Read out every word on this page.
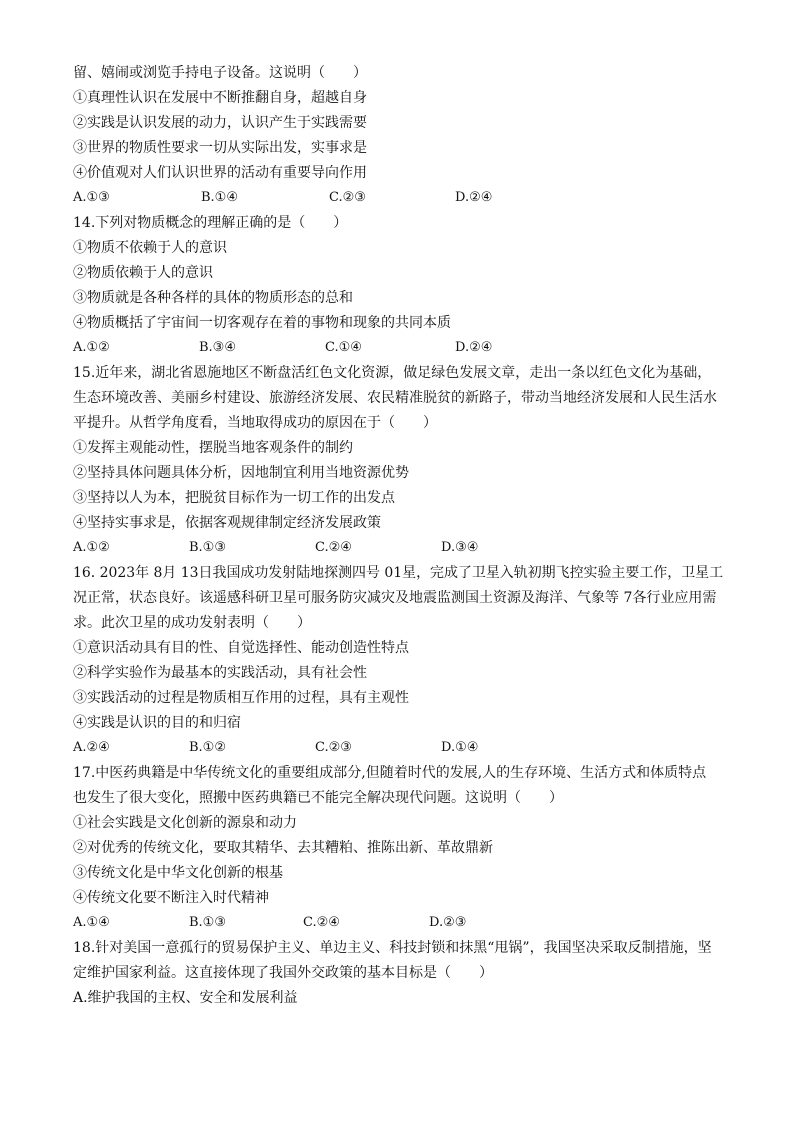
留、嬉闹或浏览手持电子设备。这说明（　　）
①真理性认识在发展中不断推翻自身，超越自身
②实践是认识发展的动力，认识产生于实践需要
③世界的物质性要求一切从实际出发，实事求是
④价值观对人们认识世界的活动有重要导向作用
A.①③	B.①④	C.②③	D.②④
14.下列对物质概念的理解正确的是（　　）
①物质不依赖于人的意识
②物质依赖于人的意识
③物质就是各种各样的具体的物质形态的总和
④物质概括了宇宙间一切客观存在着的事物和现象的共同本质
A.①②	B.③④	C.①④	D.②④
15.近年来，湖北省恩施地区不断盘活红色文化资源，做足绿色发展文章，走出一条以红色文化为基础，
生态环境改善、美丽乡村建设、旅游经济发展、农民精准脱贫的新路子，带动当地经济发展和人民生活水
平提升。从哲学角度看，当地取得成功的原因在于（　　）
①发挥主观能动性，摆脱当地客观条件的制约
②坚持具体问题具体分析，因地制宜利用当地资源优势
③坚持以人为本，把脱贫目标作为一切工作的出发点
④坚持实事求是，依据客观规律制定经济发展政策
A.①②	B.①③	C.②④	D.③④
16. 2023年 8月 13日我国成功发射陆地探测四号 01星，完成了卫星入轨初期飞控实验主要工作，卫星工
况正常，状态良好。该遥感科研卫星可服务防灾减灾及地震监测国土资源及海洋、气象等 7各行业应用需
求。此次卫星的成功发射表明（　　）
①意识活动具有目的性、自觉选择性、能动创造性特点
②科学实验作为最基本的实践活动，具有社会性
③实践活动的过程是物质相互作用的过程，具有主观性
④实践是认识的目的和归宿
A.②④	B.①②	C.②③	D.①④
17.中医药典籍是中华传统文化的重要组成部分,但随着时代的发展,人的生存环境、生活方式和体质特点
也发生了很大变化，照搬中医药典籍已不能完全解决现代问题。这说明（　　）
①社会实践是文化创新的源泉和动力
②对优秀的传统文化，要取其精华、去其糟粕、推陈出新、革故鼎新
③传统文化是中华文化创新的根基
④传统文化要不断注入时代精神
A.①④	B.①③	C.②④	D.②③
18.针对美国一意孤行的贸易保护主义、单边主义、科技封锁和抹黑“甩锅”，我国坚决采取反制措施，坚
定维护国家利益。这直接体现了我国外交政策的基本目标是（　　）
A.维护我国的主权、安全和发展利益
